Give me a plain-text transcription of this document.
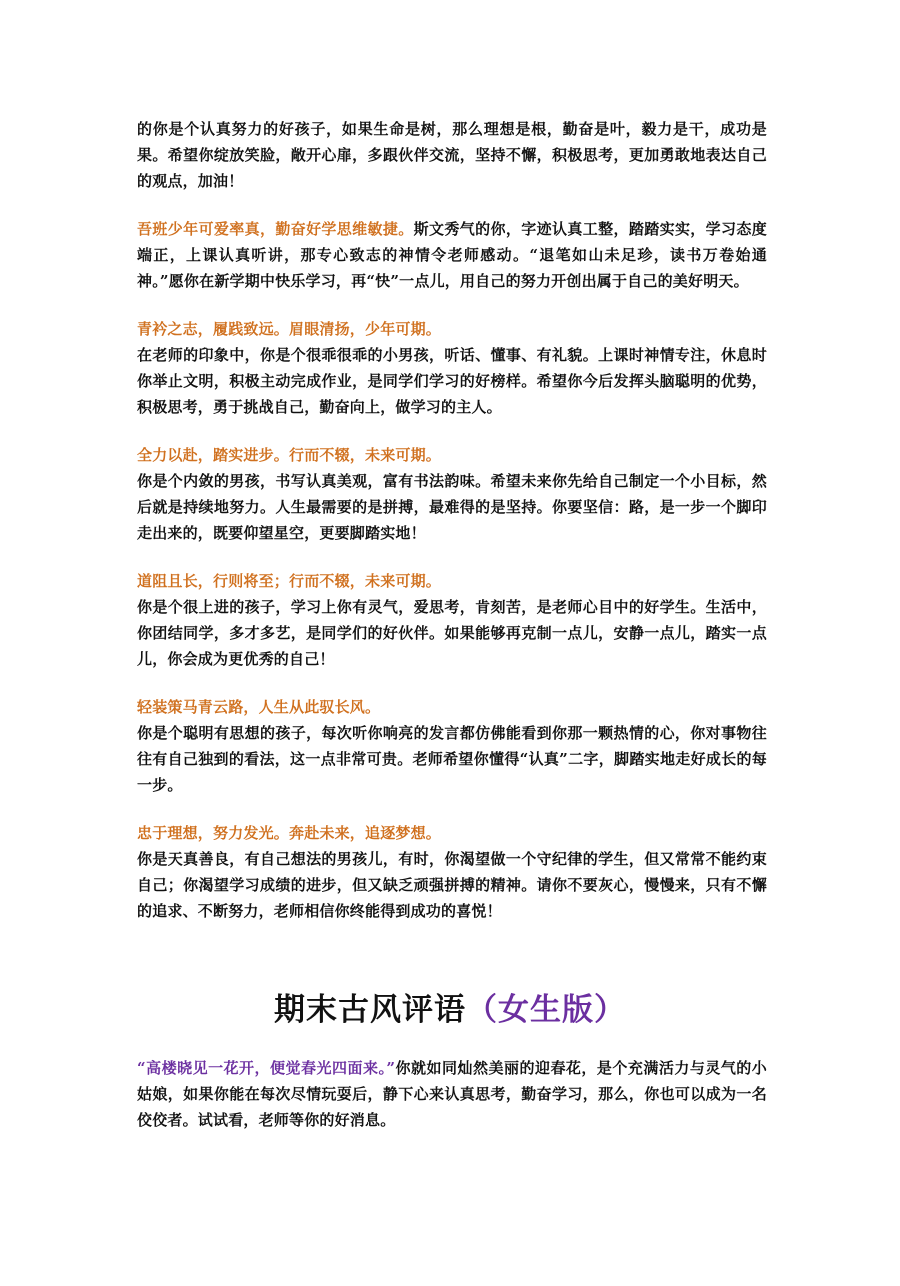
的你是个认真努力的好孩子，如果生命是树，那么理想是根，勤奋是叶，毅力是干，成功是果。希望你绽放笑脸，敞开心扉，多跟伙伴交流，坚持不懈，积极思考，更加勇敢地表达自己的观点，加油！

吾班少年可爱率真，勤奋好学思维敏捷。斯文秀气的你，字迹认真工整，踏踏实实，学习态度端正，上课认真听讲，那专心致志的神情令老师感动。“退笔如山未足珍，读书万卷始通神。”愿你在新学期中快乐学习，再“快”一点儿，用自己的努力开创出属于自己的美好明天。

青衿之志，履践致远。眉眼清扬，少年可期。
在老师的印象中，你是个很乖很乖的小男孩，听话、懂事、有礼貌。上课时神情专注，休息时你举止文明，积极主动完成作业，是同学们学习的好榜样。希望你今后发挥头脑聪明的优势，积极思考，勇于挑战自己，勤奋向上，做学习的主人。

全力以赴，踏实进步。行而不辍，未来可期。
你是个内敛的男孩，书写认真美观，富有书法韵味。希望未来你先给自己制定一个小目标，然后就是持续地努力。人生最需要的是拼搏，最难得的是坚持。你要坚信：路，是一步一个脚印走出来的，既要仰望星空，更要脚踏实地！

道阻且长，行则将至；行而不辍，未来可期。
你是个很上进的孩子，学习上你有灵气，爱思考，肯刻苦，是老师心目中的好学生。生活中，你团结同学，多才多艺，是同学们的好伙伴。如果能够再克制一点儿，安静一点儿，踏实一点儿，你会成为更优秀的自己！

轻装策马青云路，人生从此驭长风。
你是个聪明有思想的孩子，每次听你响亮的发言都仿佛能看到你那一颗热情的心，你对事物往往有自己独到的看法，这一点非常可贵。老师希望你懂得“认真”二字，脚踏实地走好成长的每一步。

忠于理想，努力发光。奔赴未来，追逐梦想。
你是天真善良，有自己想法的男孩儿，有时，你渴望做一个守纪律的学生，但又常常不能约束自己；你渴望学习成绩的进步，但又缺乏顽强拼搏的精神。请你不要灰心，慢慢来，只有不懈的追求、不断努力，老师相信你终能得到成功的喜悦！

期末古风评语（女生版）

“高楼晓见一花开，便觉春光四面来。”你就如同灿然美丽的迎春花，是个充满活力与灵气的小姑娘，如果你能在每次尽情玩耍后，静下心来认真思考，勤奋学习，那么，你也可以成为一名佼佼者。试试看，老师等你的好消息。
